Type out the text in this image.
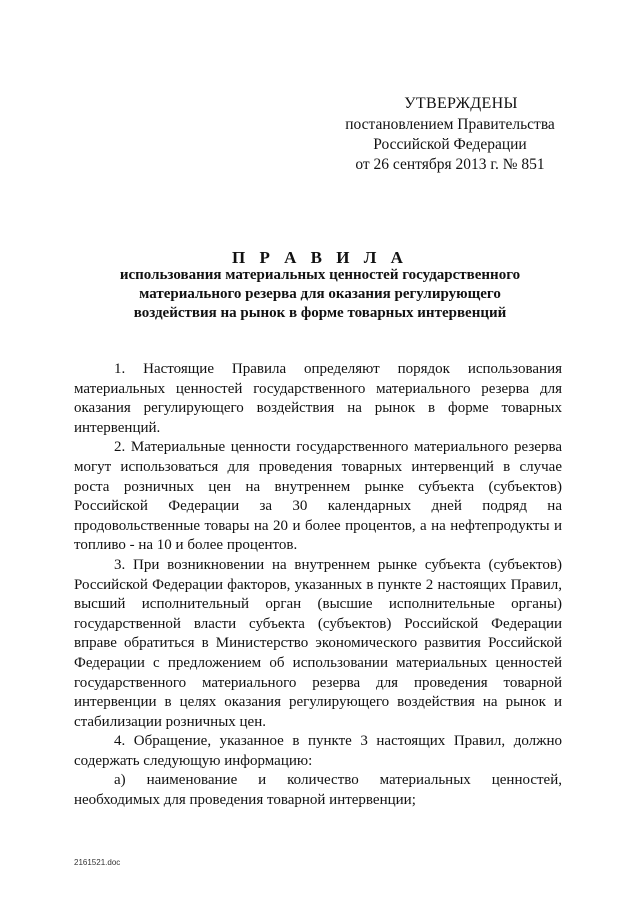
УТВЕРЖДЕНЫ
постановлением Правительства
Российской Федерации
от 26 сентября 2013 г. № 851
П Р А В И Л А
использования материальных ценностей государственного
материального резерва для оказания регулирующего
воздействия на рынок в форме товарных интервенций

1. Настоящие Правила определяют порядок использования материальных ценностей государственного материального резерва для оказания регулирующего воздействия на рынок в форме товарных интервенций.

2. Материальные ценности государственного материального резерва могут использоваться для проведения товарных интервенций в случае роста розничных цен на внутреннем рынке субъекта (субъектов) Российской Федерации за 30 календарных дней подряд на продовольственные товары на 20 и более процентов, а на нефтепродукты и топливо - на 10 и более процентов.

3. При возникновении на внутреннем рынке субъекта (субъектов) Российской Федерации факторов, указанных в пункте 2 настоящих Правил, высший исполнительный орган (высшие исполнительные органы) государственной власти субъекта (субъектов) Российской Федерации вправе обратиться в Министерство экономического развития Российской Федерации с предложением об использовании материальных ценностей государственного материального резерва для проведения товарной интервенции в целях оказания регулирующего воздействия на рынок и стабилизации розничных цен.

4. Обращение, указанное в пункте 3 настоящих Правил, должно содержать следующую информацию:

а) наименование и количество материальных ценностей, необходимых для проведения товарной интервенции;

2161521.doc
